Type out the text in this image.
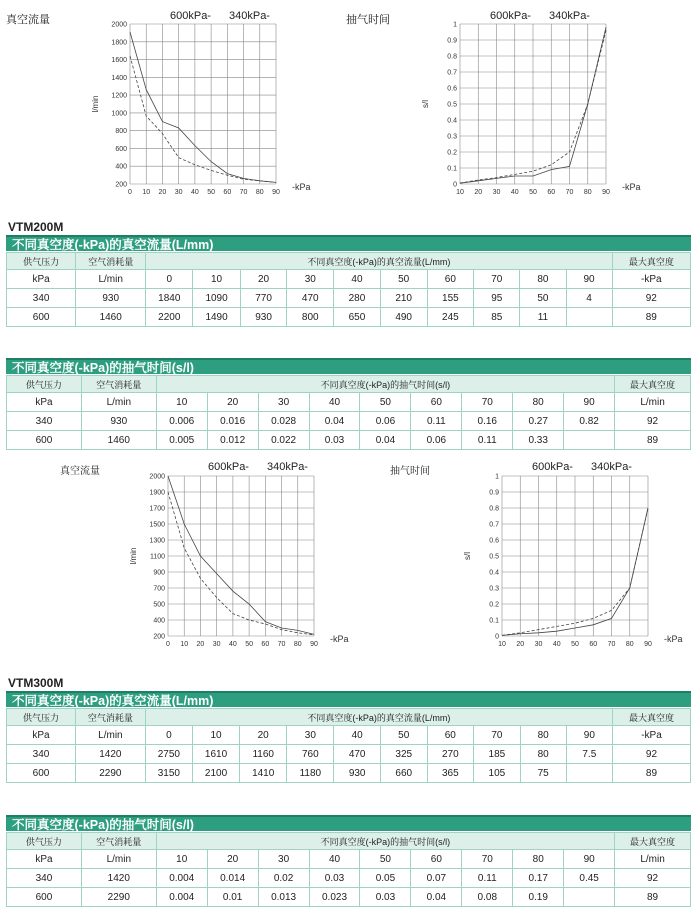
真空流量	600kPa- 340kPa-
0 10 20 30 40 50 60 70 80 90
2000
1800
1600
1400
1200
1000
800
600
400
200
l/min
-kPa
抽气时间	600kPa- 340kPa-
10 20 30 40 50 60 70 80 90
1
0.9
0.8
0.7
0.6
0.5
0.4
0.3
0.2
0.1
0
s/l
-kPa
VTM200M
不同真空度(-kPa)的真空流量(L/mm)
供气压力	空气消耗量	不同真空度(-kPa)的真空流量(L/mm)										最大真空度
kPa	L/min	0	10	20	30	40	50	60	70	80	90	-kPa
340	930	1840	1090	770	470	280	210	155	95	50	4	92
600	1460	2200	1490	930	800	650	490	245	85	11		89
不同真空度(-kPa)的抽气时间(s/l)
供气压力	空气消耗量	不同真空度(-kPa)的抽气时间(s/l)									最大真空度
kPa	L/min	10	20	30	40	50	60	70	80	90	L/min
340	930	0.006	0.016	0.028	0.04	0.06	0.11	0.16	0.27	0.82	92
600	1460	0.005	0.012	0.022	0.03	0.04	0.06	0.11	0.33		89
真空流量	600kPa- 340kPa-
0 10 20 30 40 50 60 70 80 90
2000
1900
1700
1500
1300
1100
900
700
500
400
200
l/min
-kPa
抽气时间	600kPa- 340kPa-
10 20 30 40 50 60 70 80 90
1
0.9
0.8
0.7
0.6
0.5
0.4
0.3
0.2
0.1
0
s/l
-kPa
VTM300M
不同真空度(-kPa)的真空流量(L/mm)
供气压力	空气消耗量	不同真空度(-kPa)的真空流量(L/mm)										最大真空度
kPa	L/min	0	10	20	30	40	50	60	70	80	90	-kPa
340	1420	2750	1610	1160	760	470	325	270	185	80	7.5	92
600	2290	3150	2100	1410	1180	930	660	365	105	75		89
不同真空度(-kPa)的抽气时间(s/l)
供气压力	空气消耗量	不同真空度(-kPa)的抽气时间(s/l)									最大真空度
kPa	L/min	10	20	30	40	50	60	70	80	90	L/min
340	1420	0.004	0.014	0.02	0.03	0.05	0.07	0.11	0.17	0.45	92
600	2290	0.004	0.01	0.013	0.023	0.03	0.04	0.08	0.19		89
